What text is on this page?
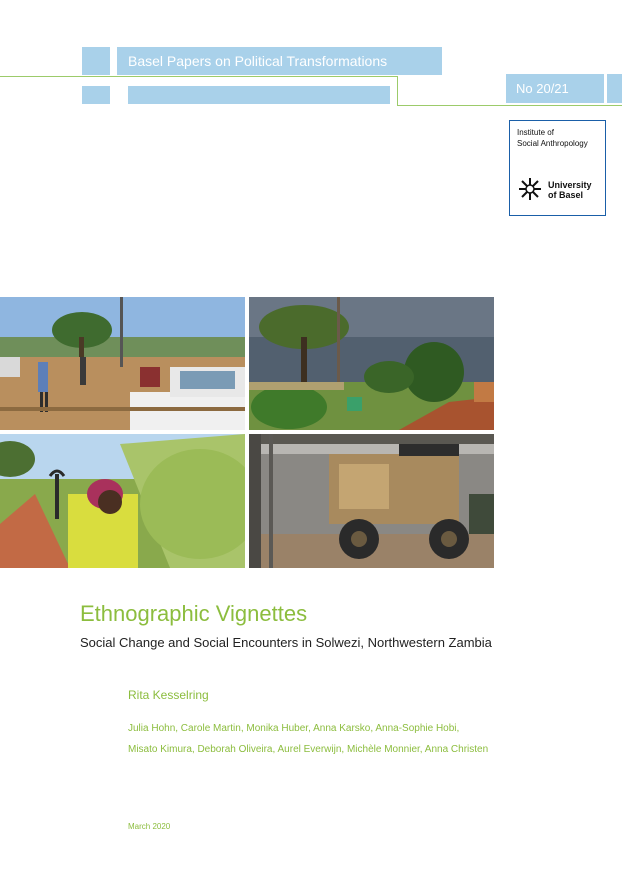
Basel Papers on Political Transformations
No 20/21
Institute of
Social Anthropology
University
of Basel
Ethnographic Vignettes
Social Change and Social Encounters in Solwezi, Northwestern Zambia
Rita Kesselring
Julia Hohn, Carole Martin, Monika Huber, Anna Karsko, Anna-Sophie Hobi,
Misato Kimura, Deborah Oliveira, Aurel Everwijn, Michèle Monnier, Anna Christen
March 2020
